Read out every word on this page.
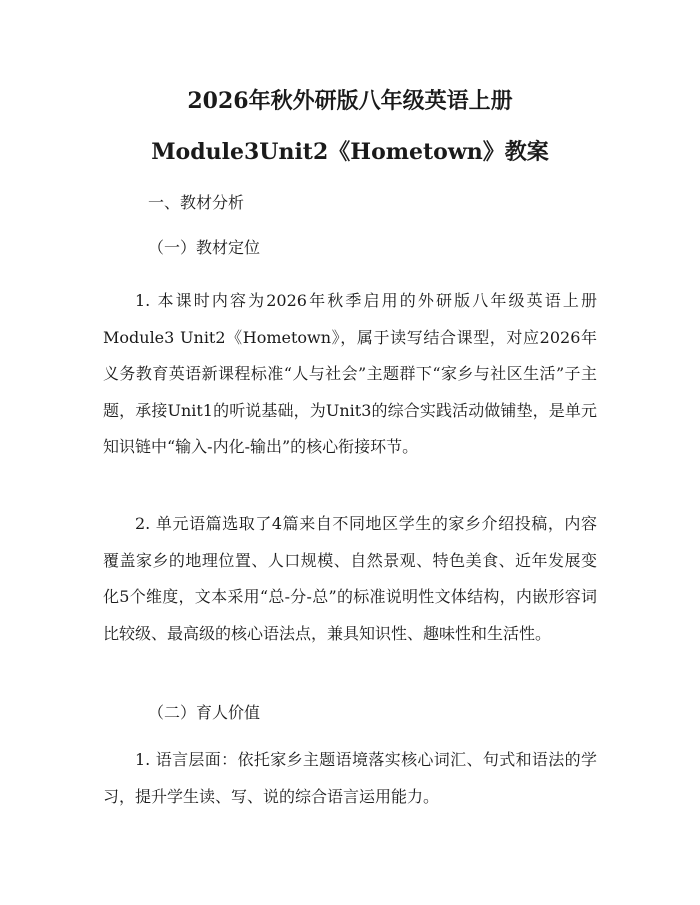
2026年秋外研版八年级英语上册
Module3Unit2《Hometown》教案
一、教材分析
（一）教材定位

1. 本课时内容为2026年秋季启用的外研版八年级英语上册Module3 Unit2《Hometown》，属于读写结合课型，对应2026年义务教育英语新课程标准“人与社会”主题群下“家乡与社区生活”子主题，承接Unit1的听说基础，为Unit3的综合实践活动做铺垫，是单元知识链中“输入-内化-输出”的核心衔接环节。

2. 单元语篇选取了4篇来自不同地区学生的家乡介绍投稿，内容覆盖家乡的地理位置、人口规模、自然景观、特色美食、近年发展变化5个维度，文本采用“总-分-总”的标准说明性文体结构，内嵌形容词比较级、最高级的核心语法点，兼具知识性、趣味性和生活性。

（二）育人价值

1. 语言层面：依托家乡主题语境落实核心词汇、句式和语法的学习，提升学生读、写、说的综合语言运用能力。
